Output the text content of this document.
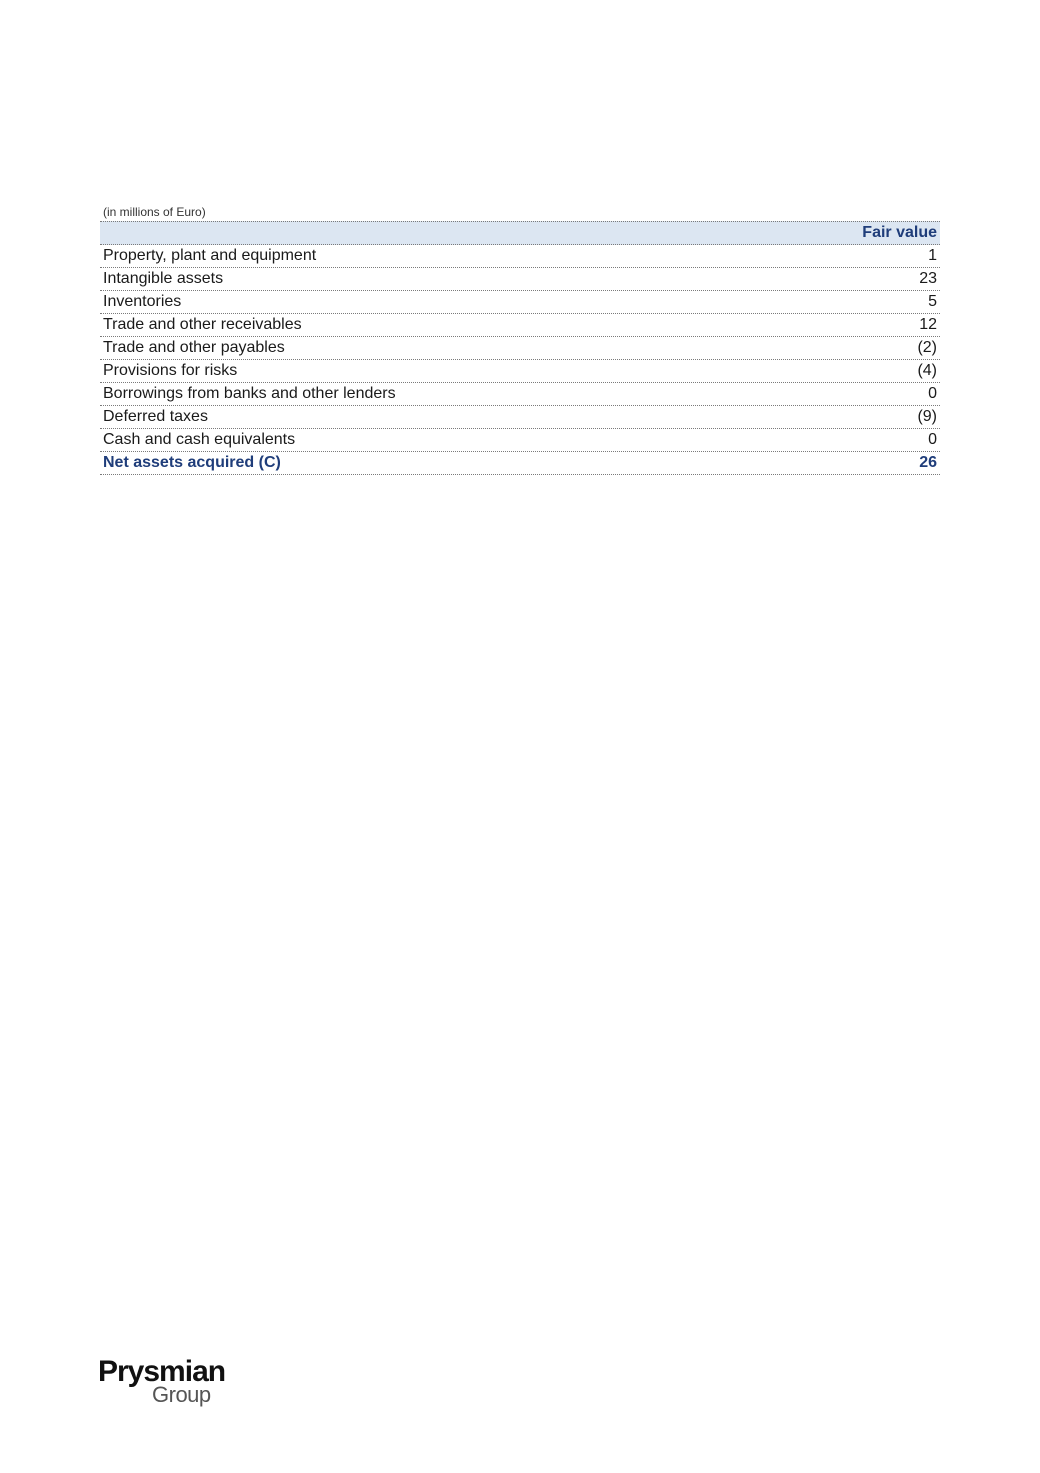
(in millions of Euro)
Fair value
Property, plant and equipment	1
Intangible assets	23
Inventories	5
Trade and other receivables	12
Trade and other payables	(2)
Provisions for risks	(4)
Borrowings from banks and other lenders	0
Deferred taxes	(9)
Cash and cash equivalents	0
Net assets acquired (C)	26
Prysmian
Group
